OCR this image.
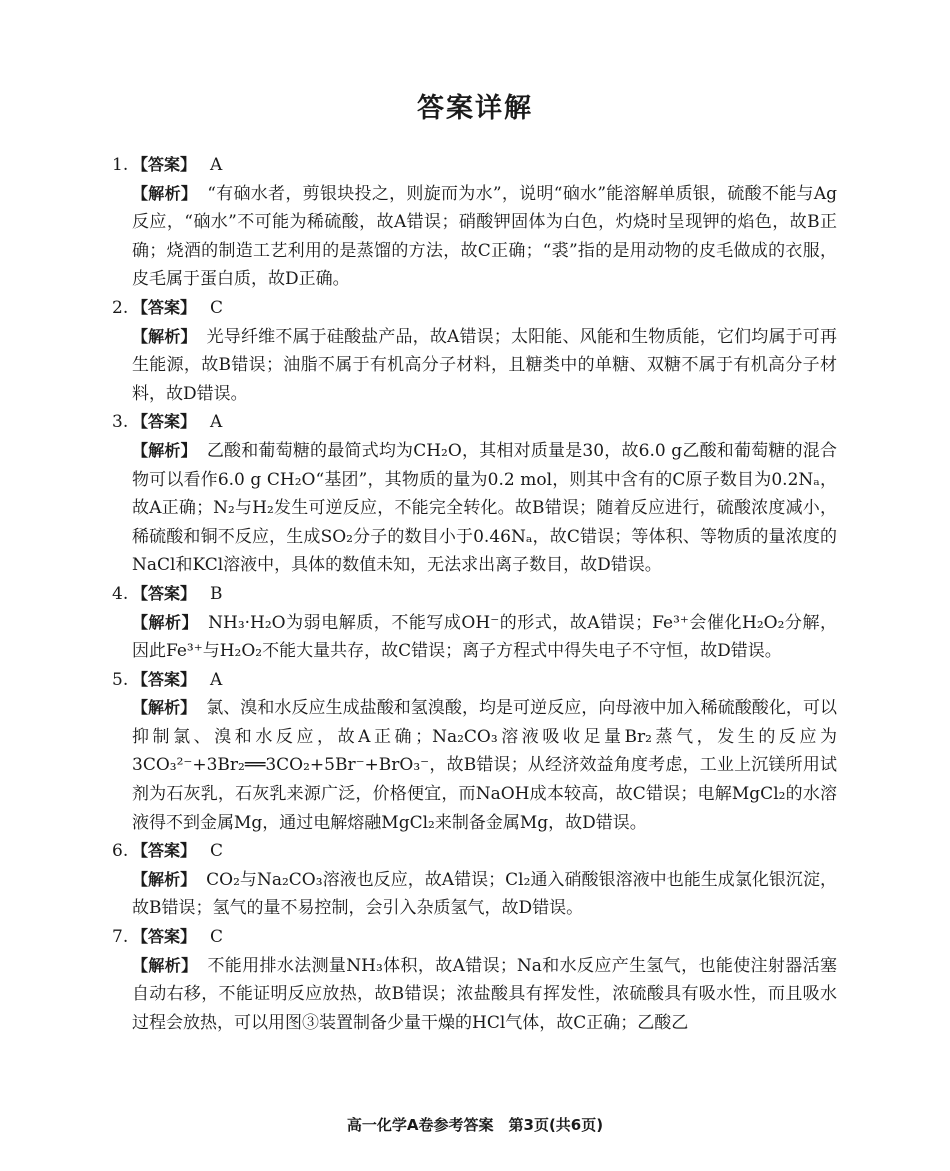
答案详解
1. 【答案】 A
【解析】 “有硇水者，剪银块投之，则旋而为水”，说明“硇水”能溶解单质银，硫酸不能与Ag反应，“硇水”不可能为稀硫酸，故A错误；硝酸钾固体为白色，灼烧时呈现钾的焰色，故B正确；烧酒的制造工艺利用的是蒸馏的方法，故C正确；“裘”指的是用动物的皮毛做成的衣服，皮毛属于蛋白质，故D正确。
2. 【答案】 C
【解析】 光导纤维不属于硅酸盐产品，故A错误；太阳能、风能和生物质能，它们均属于可再生能源，故B错误；油脂不属于有机高分子材料，且糖类中的单糖、双糖不属于有机高分子材料，故D错误。
3. 【答案】 A
【解析】 乙酸和葡萄糖的最简式均为CH₂O，其相对质量是30，故6.0 g乙酸和葡萄糖的混合物可以看作6.0 g CH₂O“基团”，其物质的量为0.2 mol，则其中含有的C原子数目为0.2Nₐ，故A正确；N₂与H₂发生可逆反应，不能完全转化。故B错误；随着反应进行，硫酸浓度减小，稀硫酸和铜不反应，生成SO₂分子的数目小于0.46Nₐ，故C错误；等体积、等物质的量浓度的NaCl和KCl溶液中，具体的数值未知，无法求出离子数目，故D错误。
4. 【答案】 B
【解析】 NH₃·H₂O为弱电解质，不能写成OH⁻的形式，故A错误；Fe³⁺会催化H₂O₂分解，因此Fe³⁺与H₂O₂不能大量共存，故C错误；离子方程式中得失电子不守恒，故D错误。
5. 【答案】 A
【解析】 氯、溴和水反应生成盐酸和氢溴酸，均是可逆反应，向母液中加入稀硫酸酸化，可以抑制氯、溴和水反应，故A正确；Na₂CO₃溶液吸收足量Br₂蒸气，发生的反应为3CO₃²⁻+3Br₂══3CO₂+5Br⁻+BrO₃⁻，故B错误；从经济效益角度考虑，工业上沉镁所用试剂为石灰乳，石灰乳来源广泛，价格便宜，而NaOH成本较高，故C错误；电解MgCl₂的水溶液得不到金属Mg，通过电解熔融MgCl₂来制备金属Mg，故D错误。
6. 【答案】 C
【解析】 CO₂与Na₂CO₃溶液也反应，故A错误；Cl₂通入硝酸银溶液中也能生成氯化银沉淀，故B错误；氢气的量不易控制，会引入杂质氢气，故D错误。
7. 【答案】 C
【解析】 不能用排水法测量NH₃体积，故A错误；Na和水反应产生氢气，也能使注射器活塞自动右移，不能证明反应放热，故B错误；浓盐酸具有挥发性，浓硫酸具有吸水性，而且吸水过程会放热，可以用图③装置制备少量干燥的HCl气体，故C正确；乙酸乙
高一化学A卷参考答案　第3页(共6页)
